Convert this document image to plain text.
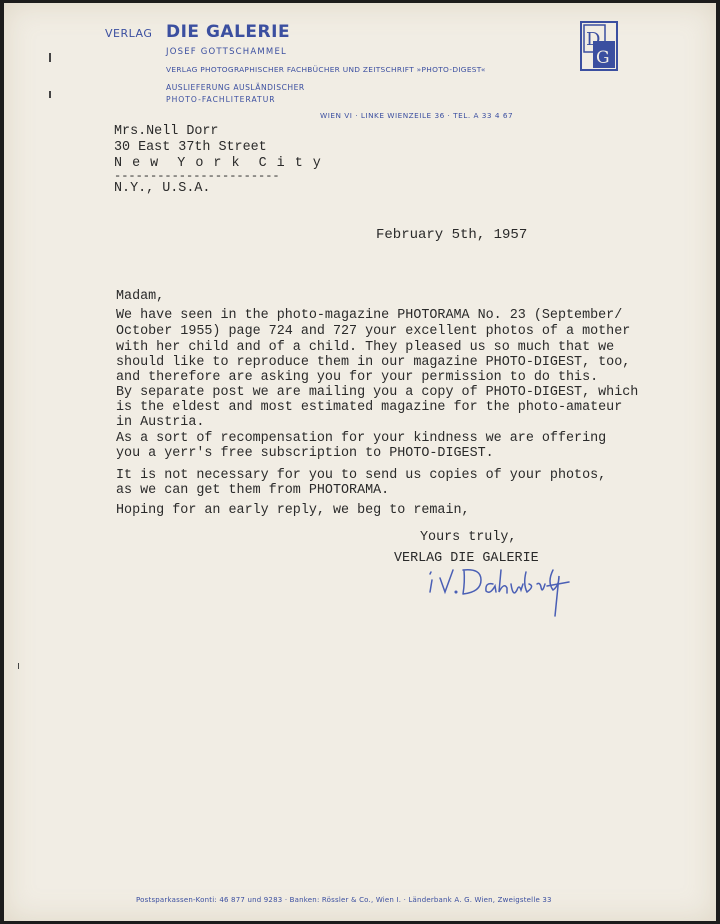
VERLAG DIE GALERIE
JOSEF GOTTSCHAMMEL
VERLAG PHOTOGRAPHISCHER FACHBÜCHER UND ZEITSCHRIFT »PHOTO-DIGEST«
AUSLIEFERUNG AUSLÄNDISCHER
PHOTO-FACHLITERATUR
WIEN VI · LINKE WIENZEILE 36 · TEL. A 33 4 67
D
G
Mrs.Nell Dorr
30 East 37th Street
N e w  Y o r k  C i t y
-----------------------
N.Y., U.S.A.
February 5th, 1957
Madam,
We have seen in the photo-magazine PHOTORAMA No. 23 (September/
October 1955) page 724 and 727 your excellent photos of a mother
with her child and of a child. They pleased us so much that we
should like to reproduce them in our magazine PHOTO-DIGEST, too,
and therefore are asking you for your permission to do this.
By separate post we are mailing you a copy of PHOTO-DIGEST, which
is the eldest and most estimated magazine for the photo-amateur
in Austria.
As a sort of recompensation for your kindness we are offering
you a yerr's free subscription to PHOTO-DIGEST.
It is not necessary for you to send us copies of your photos,
as we can get them from PHOTORAMA.
Hoping for an early reply, we beg to remain,
Yours truly,
VERLAG DIE GALERIE
Postsparkassen-Konti: 46 877 und 9283 · Banken: Rössler & Co., Wien I. · Länderbank A. G. Wien, Zweigstelle 33
